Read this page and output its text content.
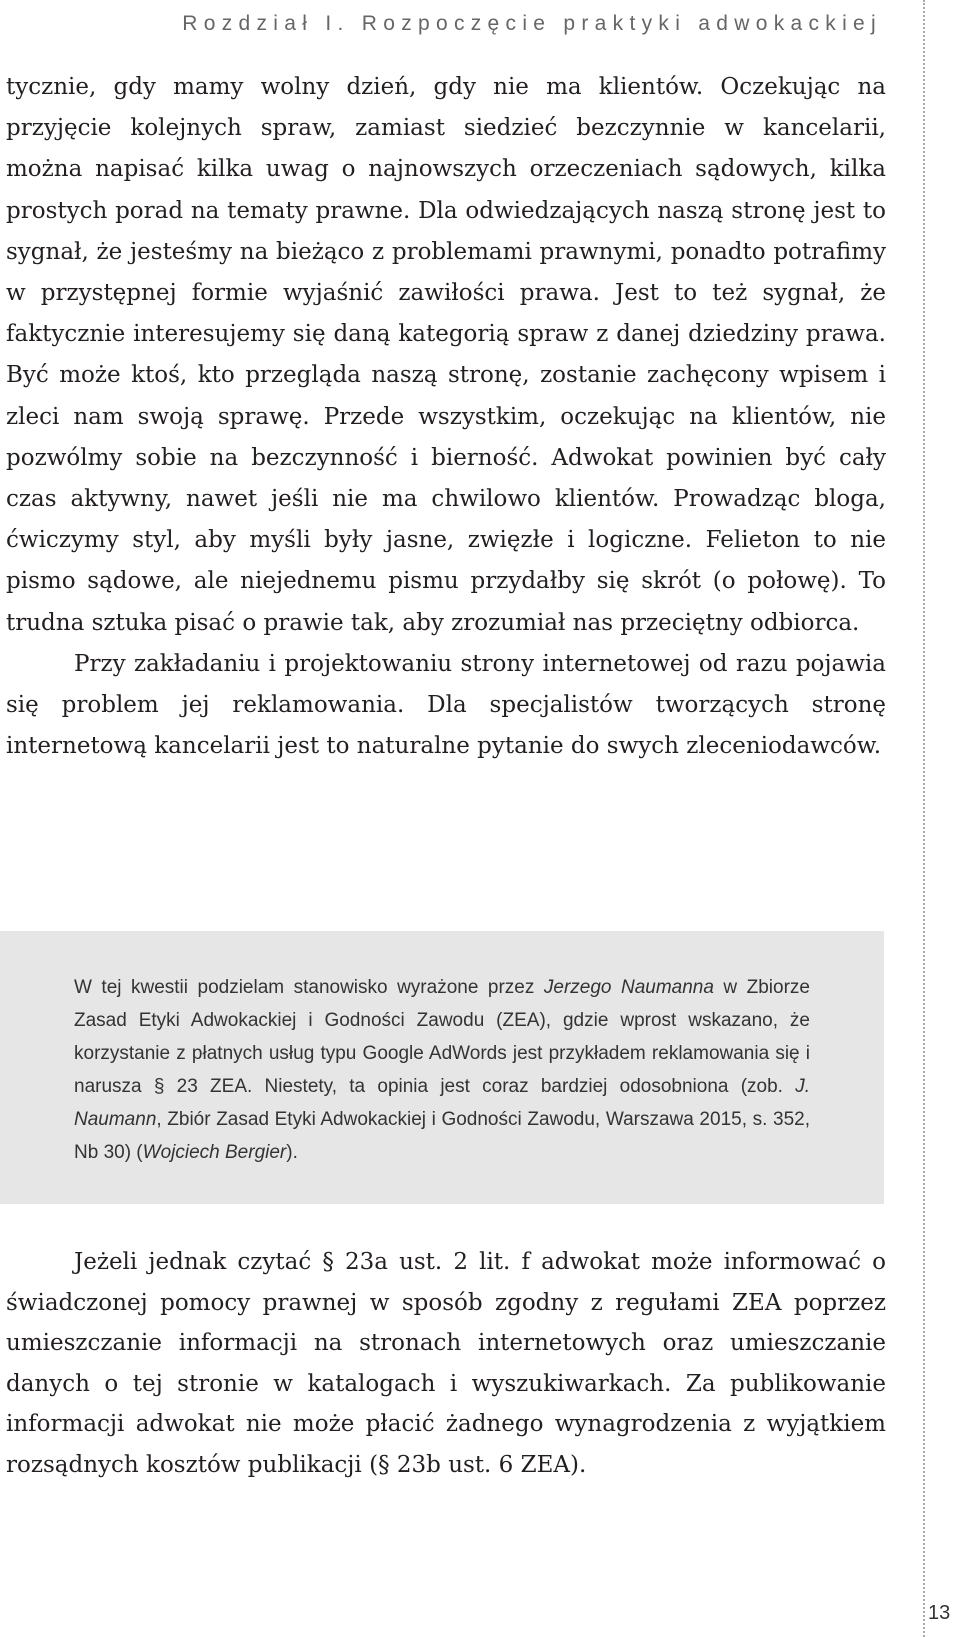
Rozdział I. Rozpoczęcie praktyki adwokackiej

tycznie, gdy mamy wolny dzień, gdy nie ma klientów. Oczekując na przyjęcie kolejnych spraw, zamiast siedzieć bezczynnie w kancelarii, można napisać kilka uwag o najnowszych orzeczeniach sądowych, kilka prostych porad na tematy prawne. Dla odwiedzających naszą stronę jest to sygnał, że jesteśmy na bieżąco z problemami prawnymi, ponadto potrafimy w przystępnej formie wyjaśnić zawiłości prawa. Jest to też sygnał, że faktycznie interesujemy się daną kategorią spraw z danej dziedziny prawa. Być może ktoś, kto przegląda naszą stronę, zostanie zachęcony wpisem i zleci nam swoją sprawę. Przede wszystkim, oczekując na klientów, nie pozwólmy sobie na bezczynność i bierność. Adwokat powinien być cały czas aktywny, nawet jeśli nie ma chwilowo klientów. Prowadząc bloga, ćwiczymy styl, aby myśli były jasne, zwięzłe i logiczne. Felieton to nie pismo sądowe, ale niejednemu pismu przydałby się skrót (o połowę). To trudna sztuka pisać o prawie tak, aby zrozumiał nas przeciętny odbiorca.

Przy zakładaniu i projektowaniu strony internetowej od razu pojawia się problem jej reklamowania. Dla specjalistów tworzących stronę internetową kancelarii jest to naturalne pytanie do swych zleceniodawców.

W tej kwestii podzielam stanowisko wyrażone przez Jerzego Naumanna w Zbiorze Zasad Etyki Adwokackiej i Godności Zawodu (ZEA), gdzie wprost wskazano, że korzystanie z płatnych usług typu Google AdWords jest przykładem reklamowania się i narusza § 23 ZEA. Niestety, ta opinia jest coraz bardziej odosobniona (zob. J. Naumann, Zbiór Zasad Etyki Adwokackiej i Godności Zawodu, Warszawa 2015, s. 352, Nb 30) (Wojciech Bergier).

Jeżeli jednak czytać § 23a ust. 2 lit. f adwokat może informować o świadczonej pomocy prawnej w sposób zgodny z regułami ZEA poprzez umieszczanie informacji na stronach internetowych oraz umieszczanie danych o tej stronie w katalogach i wyszukiwarkach. Za publikowanie informacji adwokat nie może płacić żadnego wynagrodzenia z wyjątkiem rozsądnych kosztów publikacji (§ 23b ust. 6 ZEA).

13
